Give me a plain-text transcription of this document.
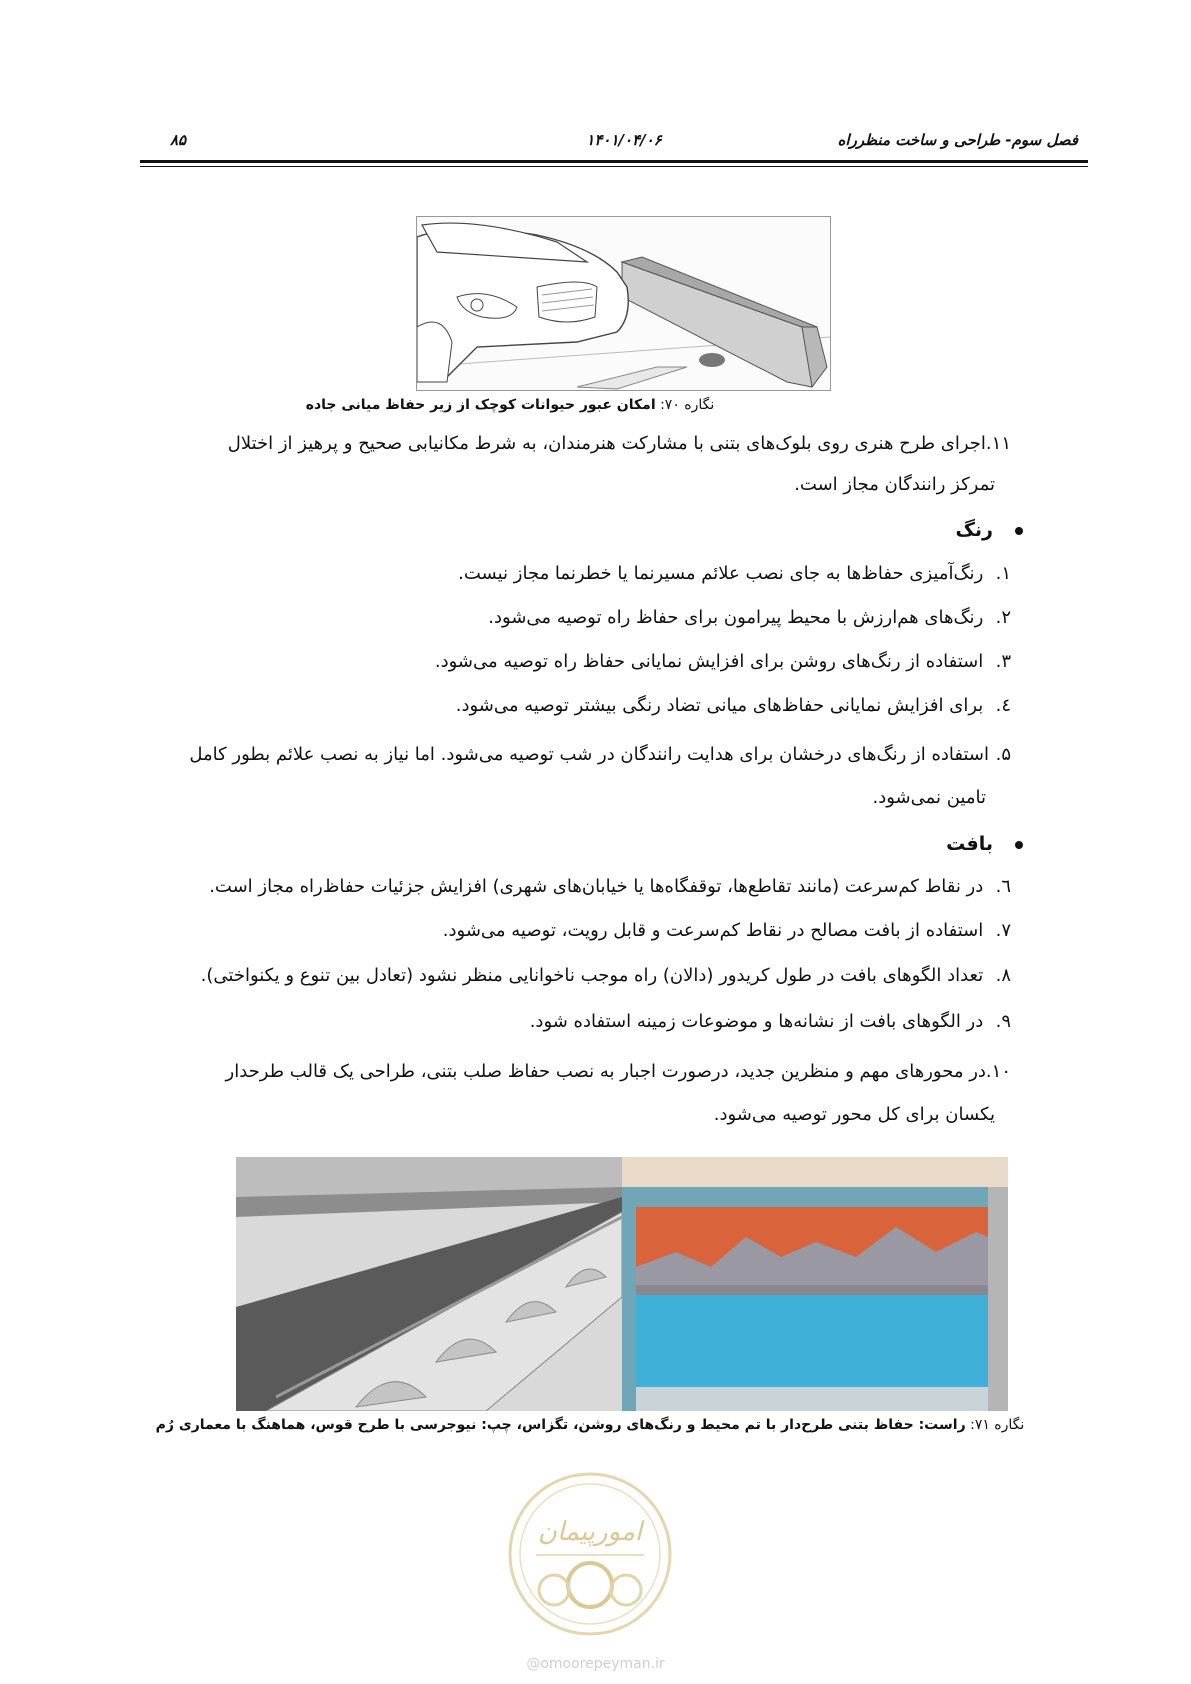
فصل سوم- طراحی و ساخت منظرراه
۱۴۰۱/۰۴/۰۶
۸۵
نگاره ۷۰: امکان عبور حیوانات کوچک از زیر حفاظ میانی جاده
۱۱.اجرای طرح هنری روی بلوک‌های بتنی با مشارکت هنرمندان، به شرط مکانیابی صحیح و پرهیز از اختلال
تمرکز رانندگان مجاز است.
رنگ
۱. رنگ‌آمیزی حفاظ‌ها به جای نصب علائم مسیرنما یا خطرنما مجاز نیست.
۲. رنگ‌های هم‌ارزش با محیط پیرامون برای حفاظ راه توصیه می‌شود.
۳. استفاده از رنگ‌های روشن برای افزایش نمایانی حفاظ راه توصیه می‌شود.
٤. برای افزایش نمایانی حفاظ‌های میانی تضاد رنگی بیشتر توصیه می‌شود.
۵.استفاده از رنگ‌های درخشان برای هدایت رانندگان در شب توصیه می‌شود. اما نیاز به نصب علائم بطور کامل
تامین نمی‌شود.
بافت
٦. در نقاط کم‌سرعت (مانند تقاطع‌ها، توقفگاه‌ها یا خیابان‌های شهری) افزایش جزئیات حفاظ‌راه مجاز است.
۷. استفاده از بافت مصالح در نقاط کم‌سرعت و قابل رویت، توصیه می‌شود.
۸. تعداد الگوهای بافت در طول کریدور (دالان) راه موجب ناخوانایی منظر نشود (تعادل بین تنوع و یکنواختی).
۹. در الگوهای بافت از نشانه‌ها و موضوعات زمینه استفاده شود.
۱۰.در محورهای مهم و منظرین جدید، درصورت اجبار به نصب حفاظ صلب بتنی، طراحی یک قالب طرحدار
یکسان برای کل محور توصیه می‌شود.
نگاره ۷۱: راست: حفاظ بتنی طرح‌دار با تم محیط و رنگ‌های روشن، تگزاس، چپ: نیوجرسی با طرح قوس، هماهنگ با معماری رُم
امورپیمان
@omoorepeyman.ir
